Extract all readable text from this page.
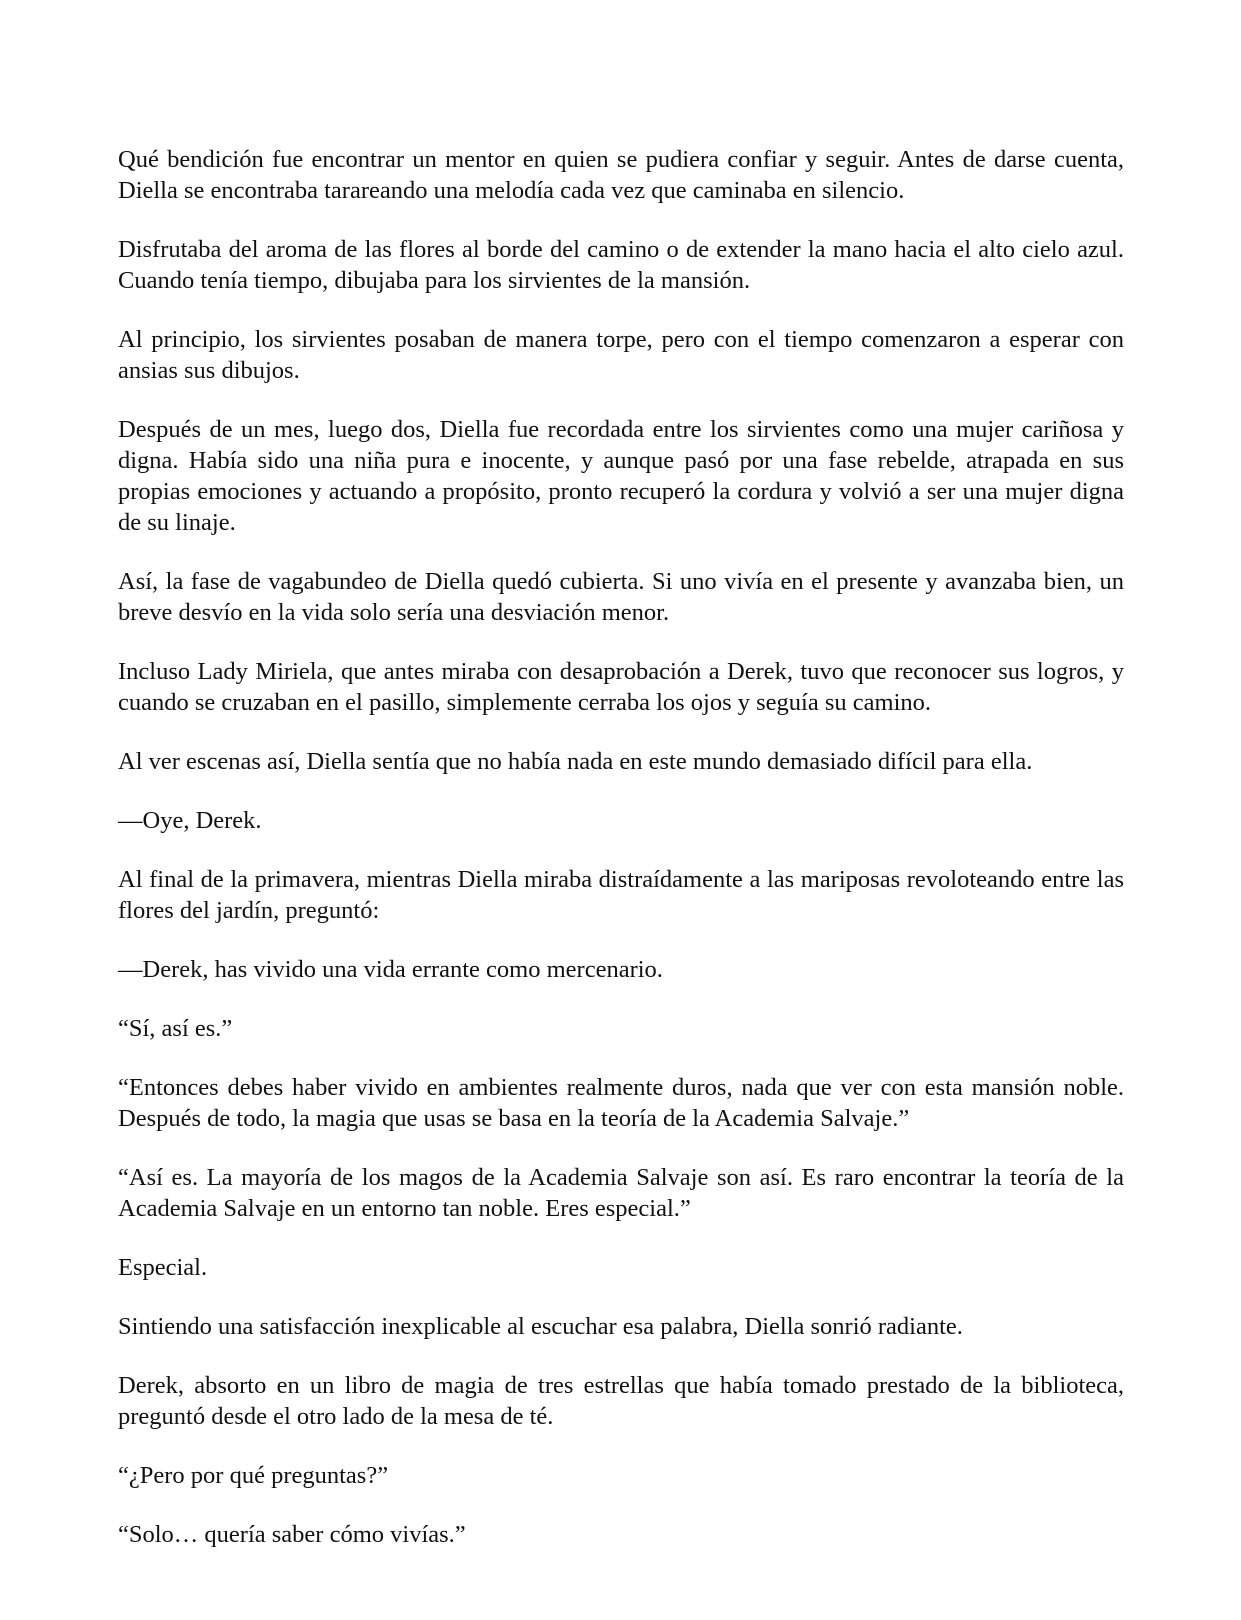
Qué bendición fue encontrar un mentor en quien se pudiera confiar y seguir. Antes de darse cuenta, Diella se encontraba tarareando una melodía cada vez que caminaba en silencio.

Disfrutaba del aroma de las flores al borde del camino o de extender la mano hacia el alto cielo azul. Cuando tenía tiempo, dibujaba para los sirvientes de la mansión.

Al principio, los sirvientes posaban de manera torpe, pero con el tiempo comenzaron a esperar con ansias sus dibujos.

Después de un mes, luego dos, Diella fue recordada entre los sirvientes como una mujer cariñosa y digna. Había sido una niña pura e inocente, y aunque pasó por una fase rebelde, atrapada en sus propias emociones y actuando a propósito, pronto recuperó la cordura y volvió a ser una mujer digna de su linaje.

Así, la fase de vagabundeo de Diella quedó cubierta. Si uno vivía en el presente y avanzaba bien, un breve desvío en la vida solo sería una desviación menor.

Incluso Lady Miriela, que antes miraba con desaprobación a Derek, tuvo que reconocer sus logros, y cuando se cruzaban en el pasillo, simplemente cerraba los ojos y seguía su camino.

Al ver escenas así, Diella sentía que no había nada en este mundo demasiado difícil para ella.

—Oye, Derek.

Al final de la primavera, mientras Diella miraba distraídamente a las mariposas revoloteando entre las flores del jardín, preguntó:

—Derek, has vivido una vida errante como mercenario.

“Sí, así es.”

“Entonces debes haber vivido en ambientes realmente duros, nada que ver con esta mansión noble. Después de todo, la magia que usas se basa en la teoría de la Academia Salvaje.”

“Así es. La mayoría de los magos de la Academia Salvaje son así. Es raro encontrar la teoría de la Academia Salvaje en un entorno tan noble. Eres especial.”

Especial.

Sintiendo una satisfacción inexplicable al escuchar esa palabra, Diella sonrió radiante.

Derek, absorto en un libro de magia de tres estrellas que había tomado prestado de la biblioteca, preguntó desde el otro lado de la mesa de té.

“¿Pero por qué preguntas?”

“Solo… quería saber cómo vivías.”
